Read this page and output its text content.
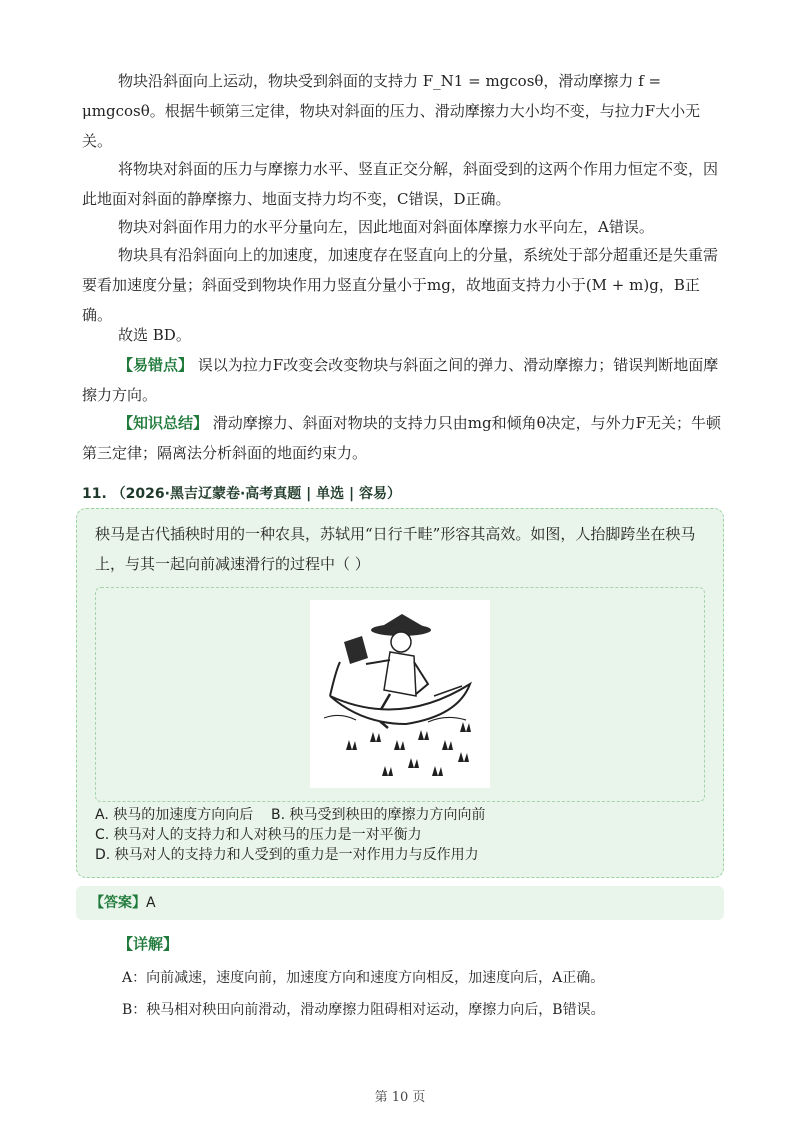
物块沿斜面向上运动，物块受到斜面的支持力 F_N1 = mgcosθ，滑动摩擦力 f = μmgcosθ。根据牛顿第三定律，物块对斜面的压力、滑动摩擦力大小均不变，与拉力F大小无关。
将物块对斜面的压力与摩擦力水平、竖直正交分解，斜面受到的这两个作用力恒定不变，因此地面对斜面的静摩擦力、地面支持力均不变，C错误，D正确。
物块对斜面作用力的水平分量向左，因此地面对斜面体摩擦力水平向左，A错误。
物块具有沿斜面向上的加速度，加速度存在竖直向上的分量，系统处于部分超重还是失重需要看加速度分量；斜面受到物块作用力竖直分量小于mg，故地面支持力小于(M + m)g，B正确。
故选 BD。
【易错点】 误以为拉力F改变会改变物块与斜面之间的弹力、滑动摩擦力；错误判断地面摩擦力方向。
【知识总结】 滑动摩擦力、斜面对物块的支持力只由mg和倾角θ决定，与外力F无关；牛顿第三定律；隔离法分析斜面的地面约束力。
11. （2026·黑吉辽蒙卷·高考真题 | 单选 | 容易）
秧马是古代插秧时用的一种农具，苏轼用“日行千畦”形容其高效。如图，人抬脚跨坐在秧马上，与其一起向前减速滑行的过程中（ ）
A. 秧马的加速度方向向后    B. 秧马受到秧田的摩擦力方向向前
C. 秧马对人的支持力和人对秧马的压力是一对平衡力
D. 秧马对人的支持力和人受到的重力是一对作用力与反作用力
【答案】A
【详解】
A：向前减速，速度向前，加速度方向和速度方向相反，加速度向后，A正确。
B：秧马相对秧田向前滑动，滑动摩擦力阻碍相对运动，摩擦力向后，B错误。
第 10 页
